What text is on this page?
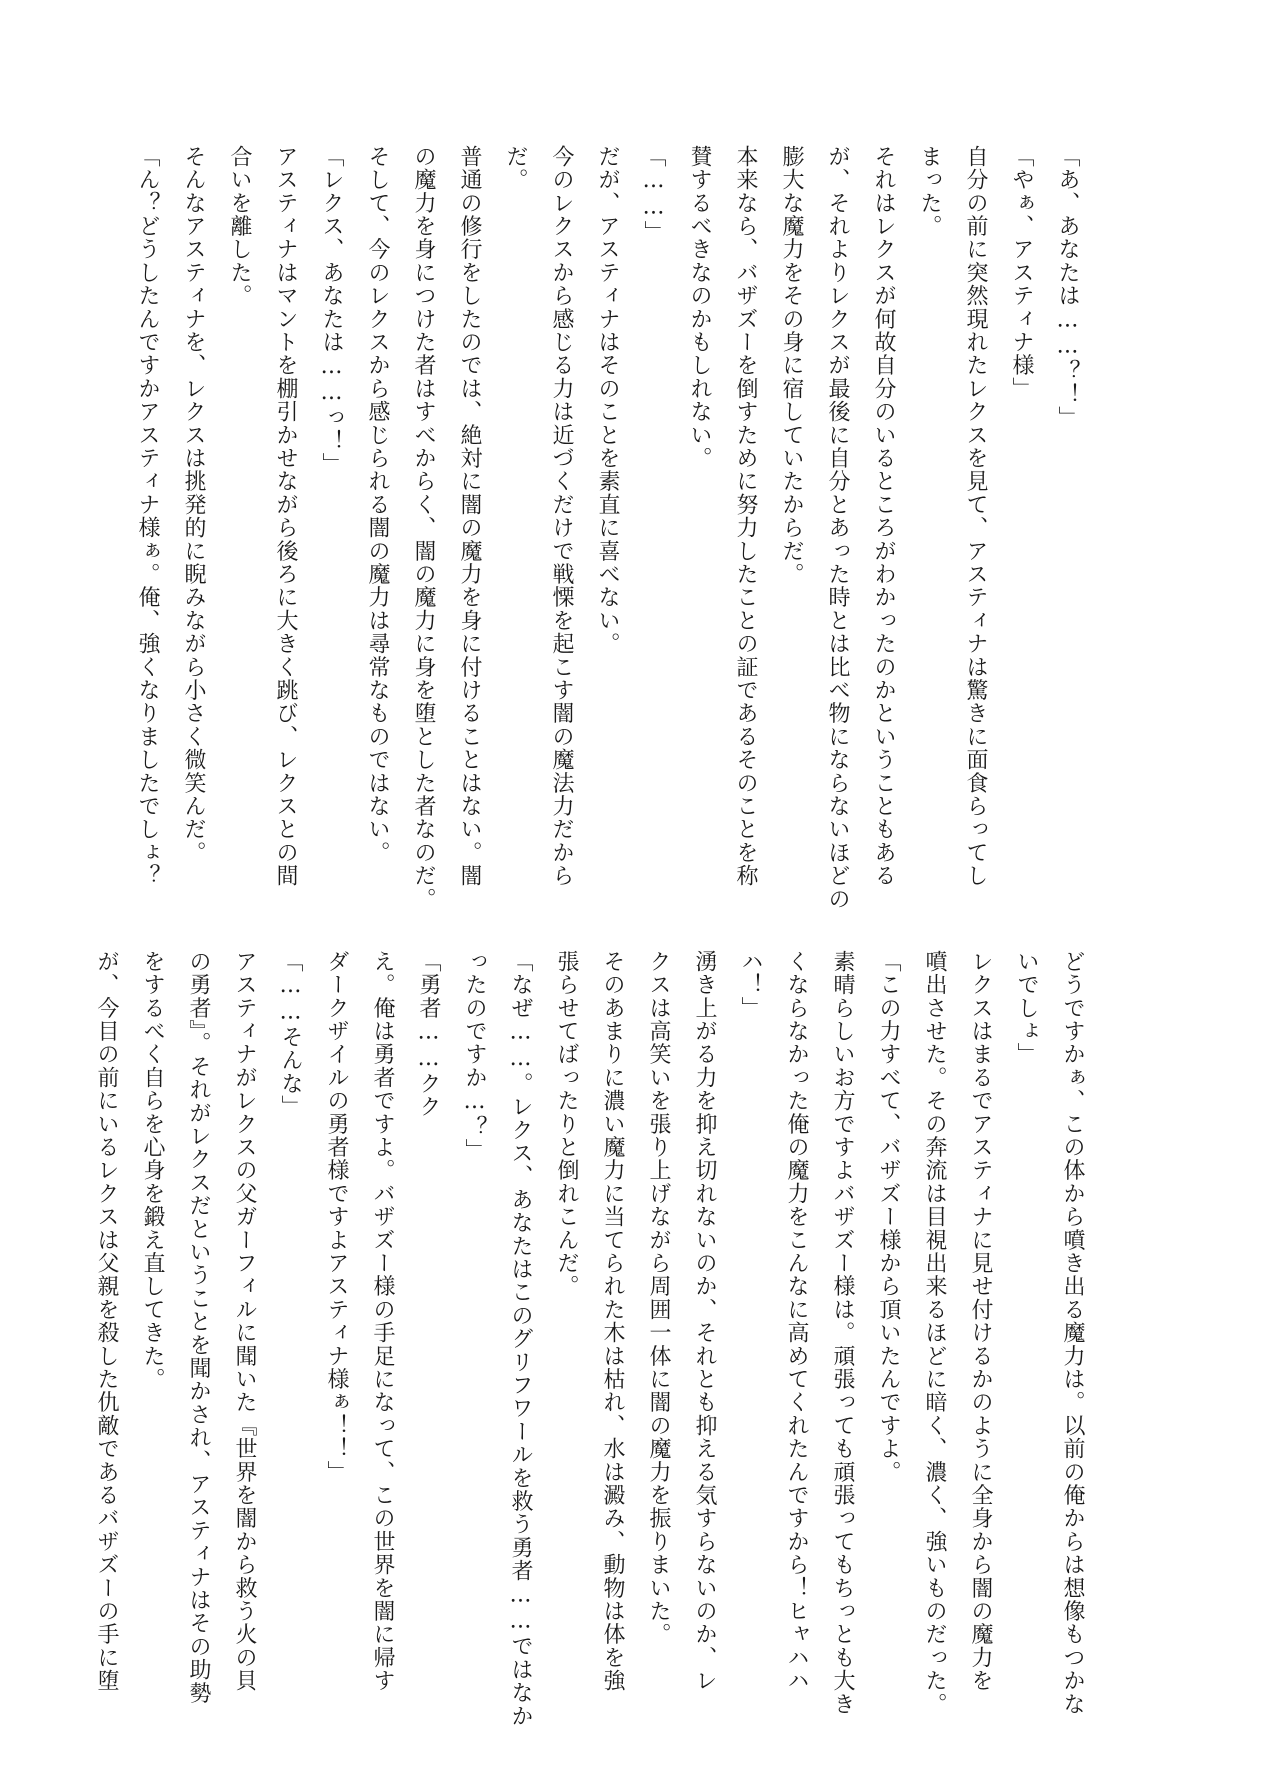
「あ、あなたは……？！」

「やぁ、アスティナ様」

自分の前に突然現れたレクスを見て、アスティナは驚きに面食らってし

まった。

それはレクスが何故自分のいるところがわかったのかということもある

が、それよりレクスが最後に自分とあった時とは比べ物にならないほどの

膨大な魔力をその身に宿していたからだ。

本来なら、バザズーを倒すために努力したことの証であるそのことを称

賛するべきなのかもしれない。

「……」

だが、アスティナはそのことを素直に喜べない。

今のレクスから感じる力は近づくだけで戦慄を起こす闇の魔法力だから

だ。

普通の修行をしたのでは、絶対に闇の魔力を身に付けることはない。闇

の魔力を身につけた者はすべからく、闇の魔力に身を堕とした者なのだ。

そして、今のレクスから感じられる闇の魔力は尋常なものではない。

「レクス、あなたは……っ！」

アスティナはマントを棚引かせながら後ろに大きく跳び、レクスとの間

合いを離した。

そんなアスティナを、レクスは挑発的に睨みながら小さく微笑んだ。

「ん？どうしたんですかアスティナ様ぁ。俺、強くなりましたでしょ？

どうですかぁ、この体から噴き出る魔力は。以前の俺からは想像もつかな

いでしょ」

レクスはまるでアスティナに見せ付けるかのように全身から闇の魔力を

噴出させた。その奔流は目視出来るほどに暗く、濃く、強いものだった。

「この力すべて、バザズー様から頂いたんですよ。

素晴らしいお方ですよバザズー様は。頑張っても頑張ってもちっとも大き

くならなかった俺の魔力をこんなに高めてくれたんですから！ヒャハハ

ハ！」

湧き上がる力を抑え切れないのか、それとも抑える気すらないのか、レ

クスは高笑いを張り上げながら周囲一体に闇の魔力を振りまいた。

そのあまりに濃い魔力に当てられた木は枯れ、水は澱み、動物は体を強

張らせてばったりと倒れこんだ。

「なぜ……。レクス、あなたはこのグリフワールを救う勇者……ではなか

ったのですか…？」

「勇者……クク

え。俺は勇者ですよ。バザズー様の手足になって、この世界を闇に帰す

ダークザイルの勇者様ですよアスティナ様ぁ！！」

「……そんな」

アスティナがレクスの父ガーフィルに聞いた『世界を闇から救う火の貝

の勇者』。それがレクスだということを聞かされ、アスティナはその助勢

をするべく自らを心身を鍛え直してきた。

が、今目の前にいるレクスは父親を殺した仇敵であるバザズーの手に堕
